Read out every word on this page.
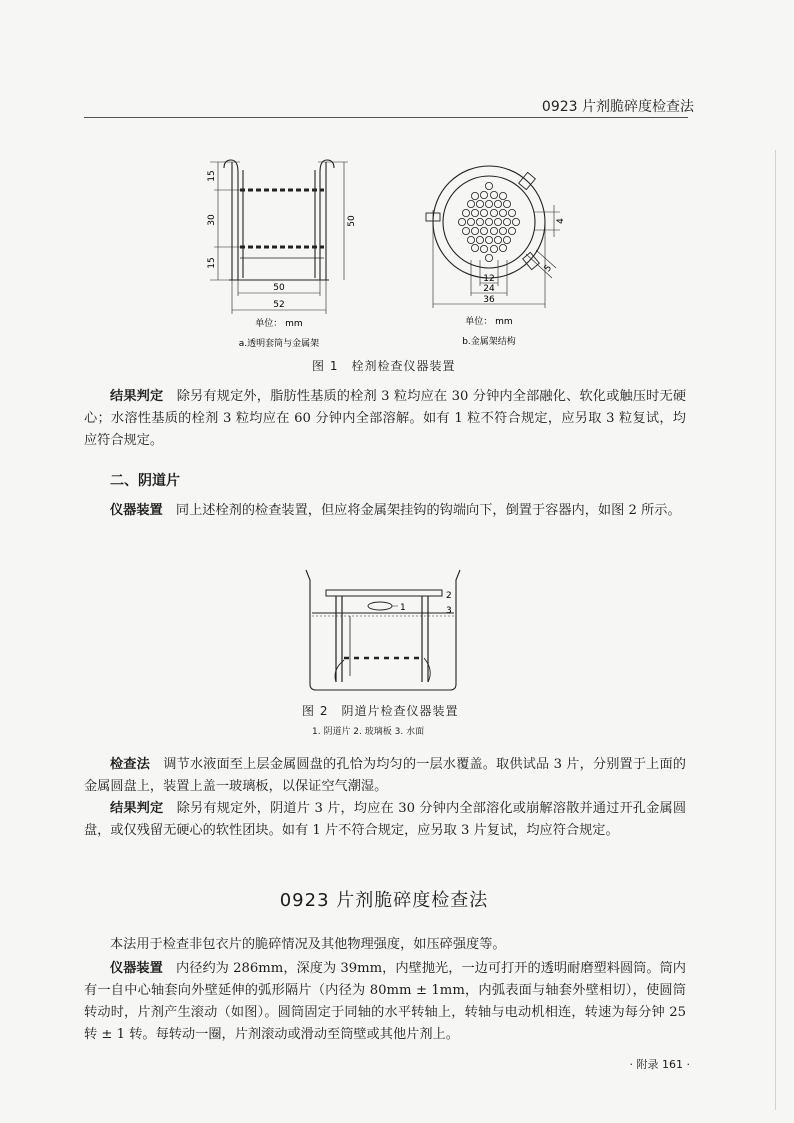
0923 片剂脆碎度检查法
15
30
15
50
50
52
单位： mm
a.透明套筒与金属架
4
12
24
36
5
单位： mm
b.金属架结构
图 1　栓剂检查仪器装置

结果判定　除另有规定外，脂肪性基质的栓剂 3 粒均应在 30 分钟内全部融化、软化或触压时无硬心；水溶性基质的栓剂 3 粒均应在 60 分钟内全部溶解。如有 1 粒不符合规定，应另取 3 粒复试，均应符合规定。

二、阴道片

仪器装置　同上述栓剂的检查装置，但应将金属架挂钩的钩端向下，倒置于容器内，如图 2 所示。

1
2
3
图 2　阴道片检查仪器装置
1. 阴道片 2. 玻璃板 3. 水面

检查法　调节水液面至上层金属圆盘的孔恰为均匀的一层水覆盖。取供试品 3 片，分别置于上面的金属圆盘上，装置上盖一玻璃板，以保证空气潮湿。

结果判定　除另有规定外，阴道片 3 片，均应在 30 分钟内全部溶化或崩解溶散并通过开孔金属圆盘，或仅残留无硬心的软性团块。如有 1 片不符合规定，应另取 3 片复试，均应符合规定。

0923 片剂脆碎度检查法

本法用于检查非包衣片的脆碎情况及其他物理强度，如压碎强度等。

仪器装置　内径约为 286mm，深度为 39mm，内壁抛光，一边可打开的透明耐磨塑料圆筒。筒内有一自中心轴套向外壁延伸的弧形隔片（内径为 80mm ± 1mm，内弧表面与轴套外壁相切），使圆筒转动时，片剂产生滚动（如图）。圆筒固定于同轴的水平转轴上，转轴与电动机相连，转速为每分钟 25 转 ± 1 转。每转动一圈，片剂滚动或滑动至筒壁或其他片剂上。

· 附录 161 ·
